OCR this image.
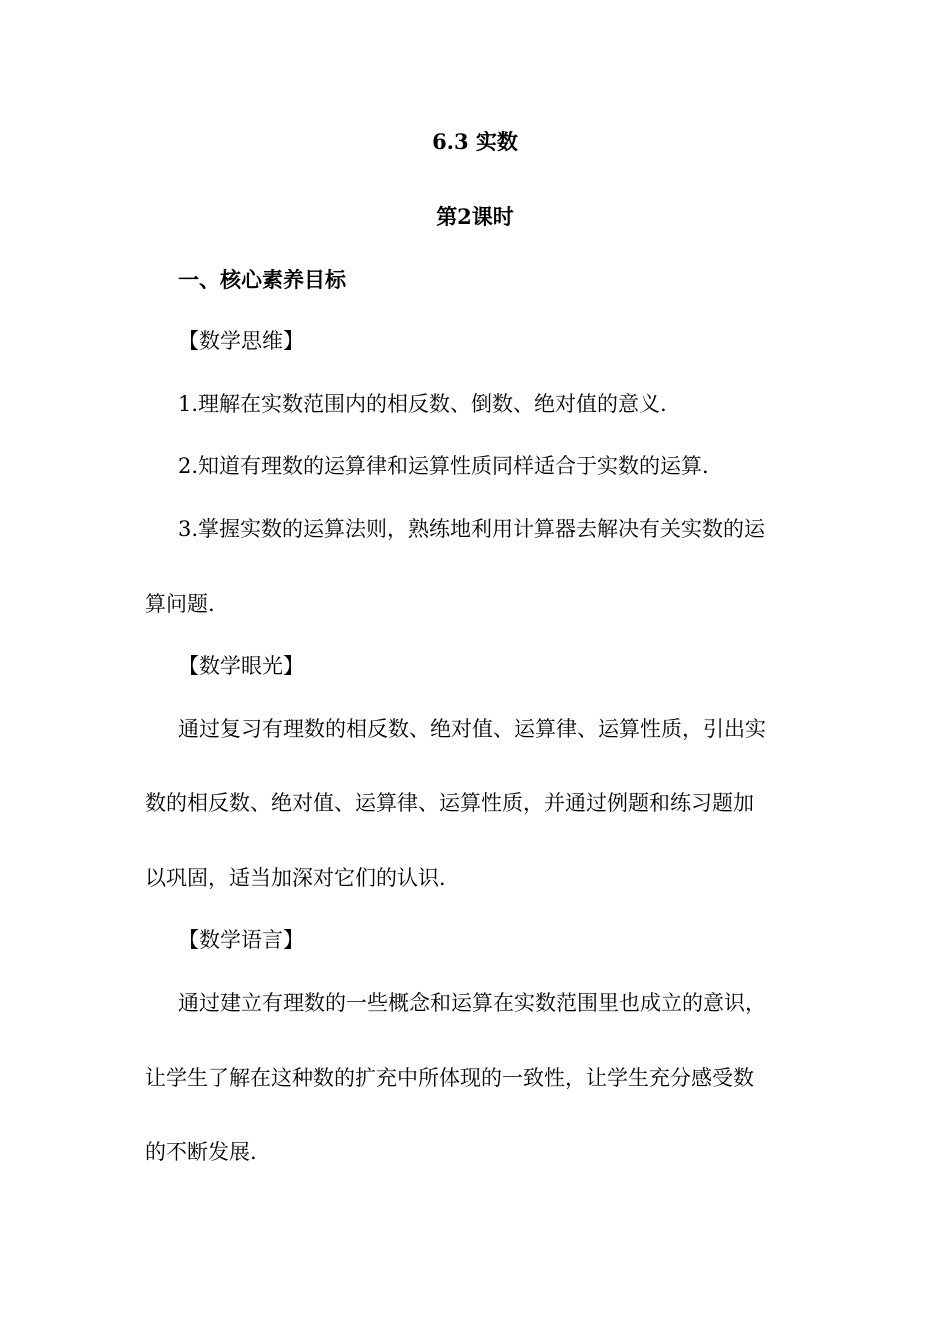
6.3 实数
第2课时
一、核心素养目标
【数学思维】
1.理解在实数范围内的相反数、倒数、绝对值的意义.
2.知道有理数的运算律和运算性质同样适合于实数的运算.
3.掌握实数的运算法则，熟练地利用计算器去解决有关实数的运
算问题.
【数学眼光】
通过复习有理数的相反数、绝对值、运算律、运算性质，引出实
数的相反数、绝对值、运算律、运算性质，并通过例题和练习题加
以巩固，适当加深对它们的认识.
【数学语言】
通过建立有理数的一些概念和运算在实数范围里也成立的意识，
让学生了解在这种数的扩充中所体现的一致性，让学生充分感受数
的不断发展.
